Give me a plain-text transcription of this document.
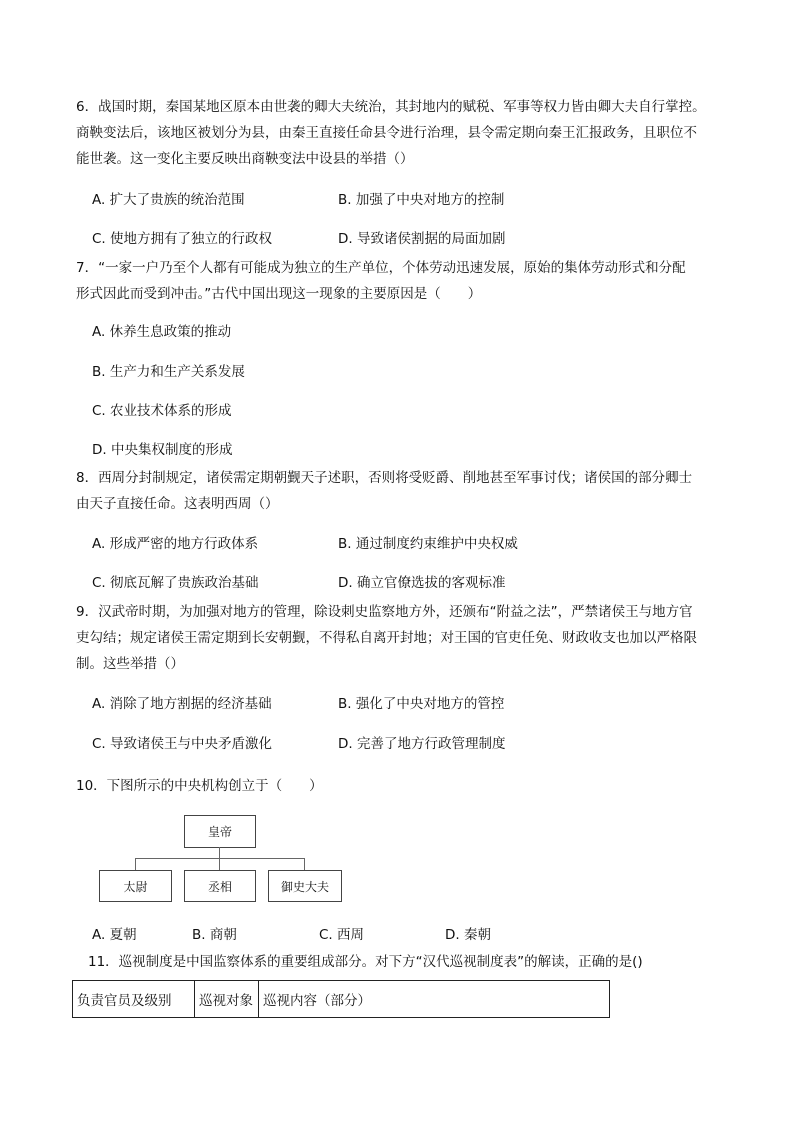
6．战国时期，秦国某地区原本由世袭的卿大夫统治，其封地内的赋税、军事等权力皆由卿大夫自行掌控。
商鞅变法后，该地区被划分为县，由秦王直接任命县令进行治理，县令需定期向秦王汇报政务，且职位不
能世袭。这一变化主要反映出商鞅变法中设县的举措（）
A. 扩大了贵族的统治范围	B. 加强了中央对地方的控制
C. 使地方拥有了独立的行政权	D. 导致诸侯割据的局面加剧
7．“一家一户乃至个人都有可能成为独立的生产单位，个体劳动迅速发展，原始的集体劳动形式和分配
形式因此而受到冲击。”古代中国出现这一现象的主要原因是（　　）
A. 休养生息政策的推动
B. 生产力和生产关系发展
C. 农业技术体系的形成
D. 中央集权制度的形成
8．西周分封制规定，诸侯需定期朝觐天子述职，否则将受贬爵、削地甚至军事讨伐；诸侯国的部分卿士
由天子直接任命。这表明西周（）
A. 形成严密的地方行政体系	B. 通过制度约束维护中央权威
C. 彻底瓦解了贵族政治基础	D. 确立官僚选拔的客观标准
9．汉武帝时期，为加强对地方的管理，除设刺史监察地方外，还颁布“附益之法”，严禁诸侯王与地方官
吏勾结；规定诸侯王需定期到长安朝觐，不得私自离开封地；对王国的官吏任免、财政收支也加以严格限
制。这些举措（）
A. 消除了地方割据的经济基础	B. 强化了中央对地方的管控
C. 导致诸侯王与中央矛盾激化	D. 完善了地方行政管理制度
10．下图所示的中央机构创立于（　　）
皇帝
太尉	丞相	御史大夫
A. 夏朝	B. 商朝	C. 西周	D. 秦朝
11．巡视制度是中国监察体系的重要组成部分。对下方“汉代巡视制度表”的解读，正确的是()
负责官员及级别	巡视对象	巡视内容（部分）
